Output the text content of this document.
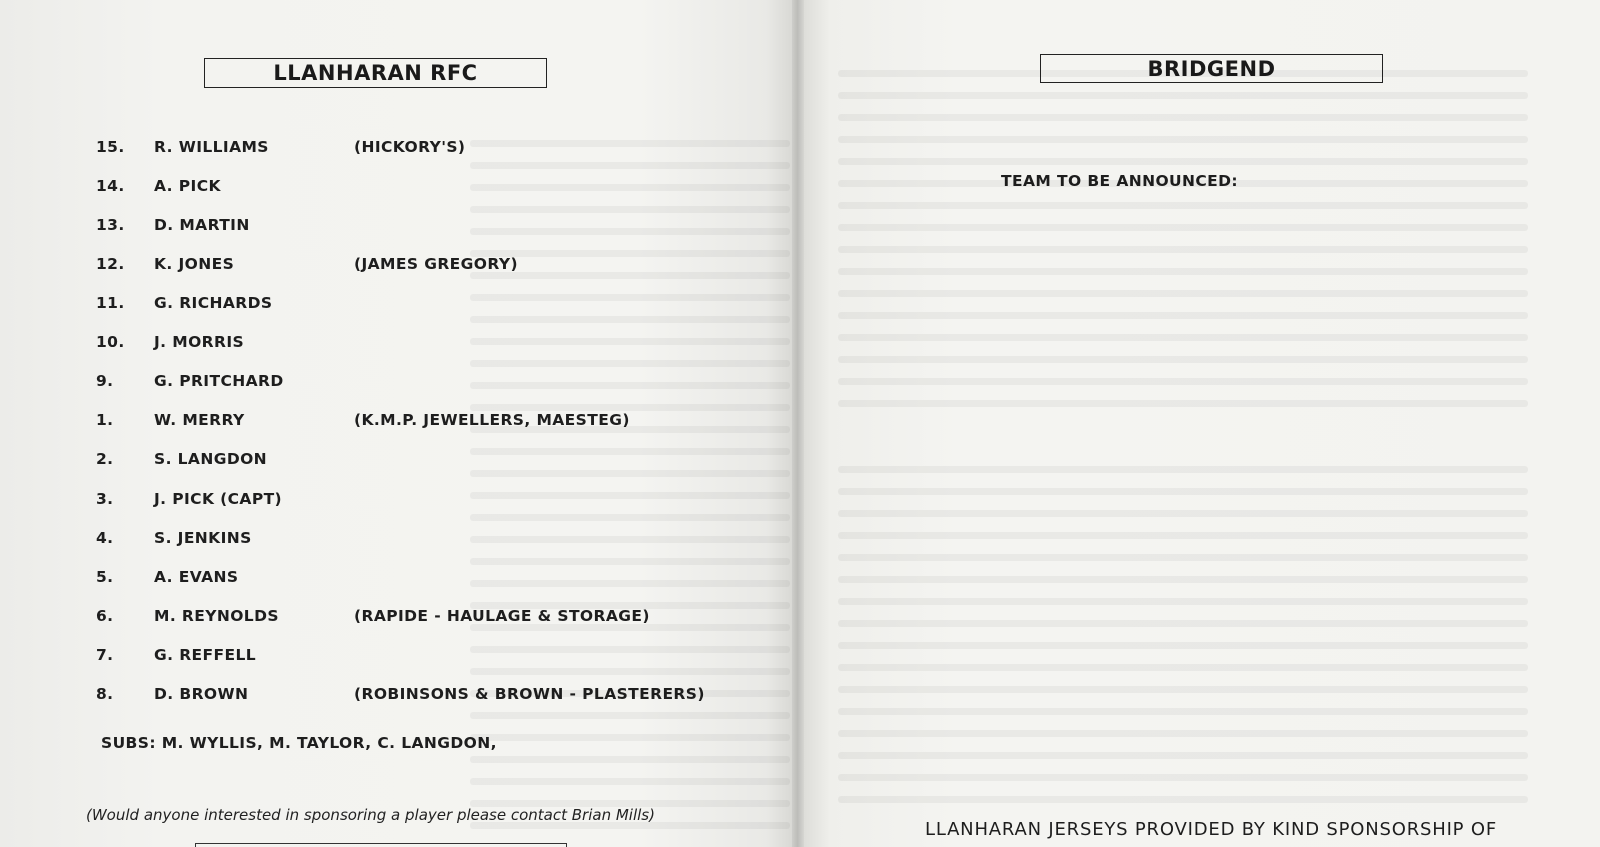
LLANHARAN RFC
15. R. WILLIAMS	(HICKORY'S)
14. A. PICK
13. D. MARTIN
12. K. JONES	(JAMES GREGORY)
11. G. RICHARDS
10. J. MORRIS
9.	G. PRITCHARD
1.	W. MERRY	(K.M.P. JEWELLERS, MAESTEG)
2.	S. LANGDON
3.	J. PICK (CAPT)
4.	S. JENKINS
5.	A. EVANS
6.	M. REYNOLDS	(RAPIDE - HAULAGE & STORAGE)
7.	G. REFFELL
8.	D. BROWN	(ROBINSONS & BROWN - PLASTERERS)
SUBS: M. WYLLIS, M. TAYLOR, C. LANGDON,
(Would anyone interested in sponsoring a player please contact Brian Mills)
BRIDGEND
TEAM TO BE ANNOUNCED:
LLANHARAN JERSEYS PROVIDED BY KIND SPONSORSHIP OF
